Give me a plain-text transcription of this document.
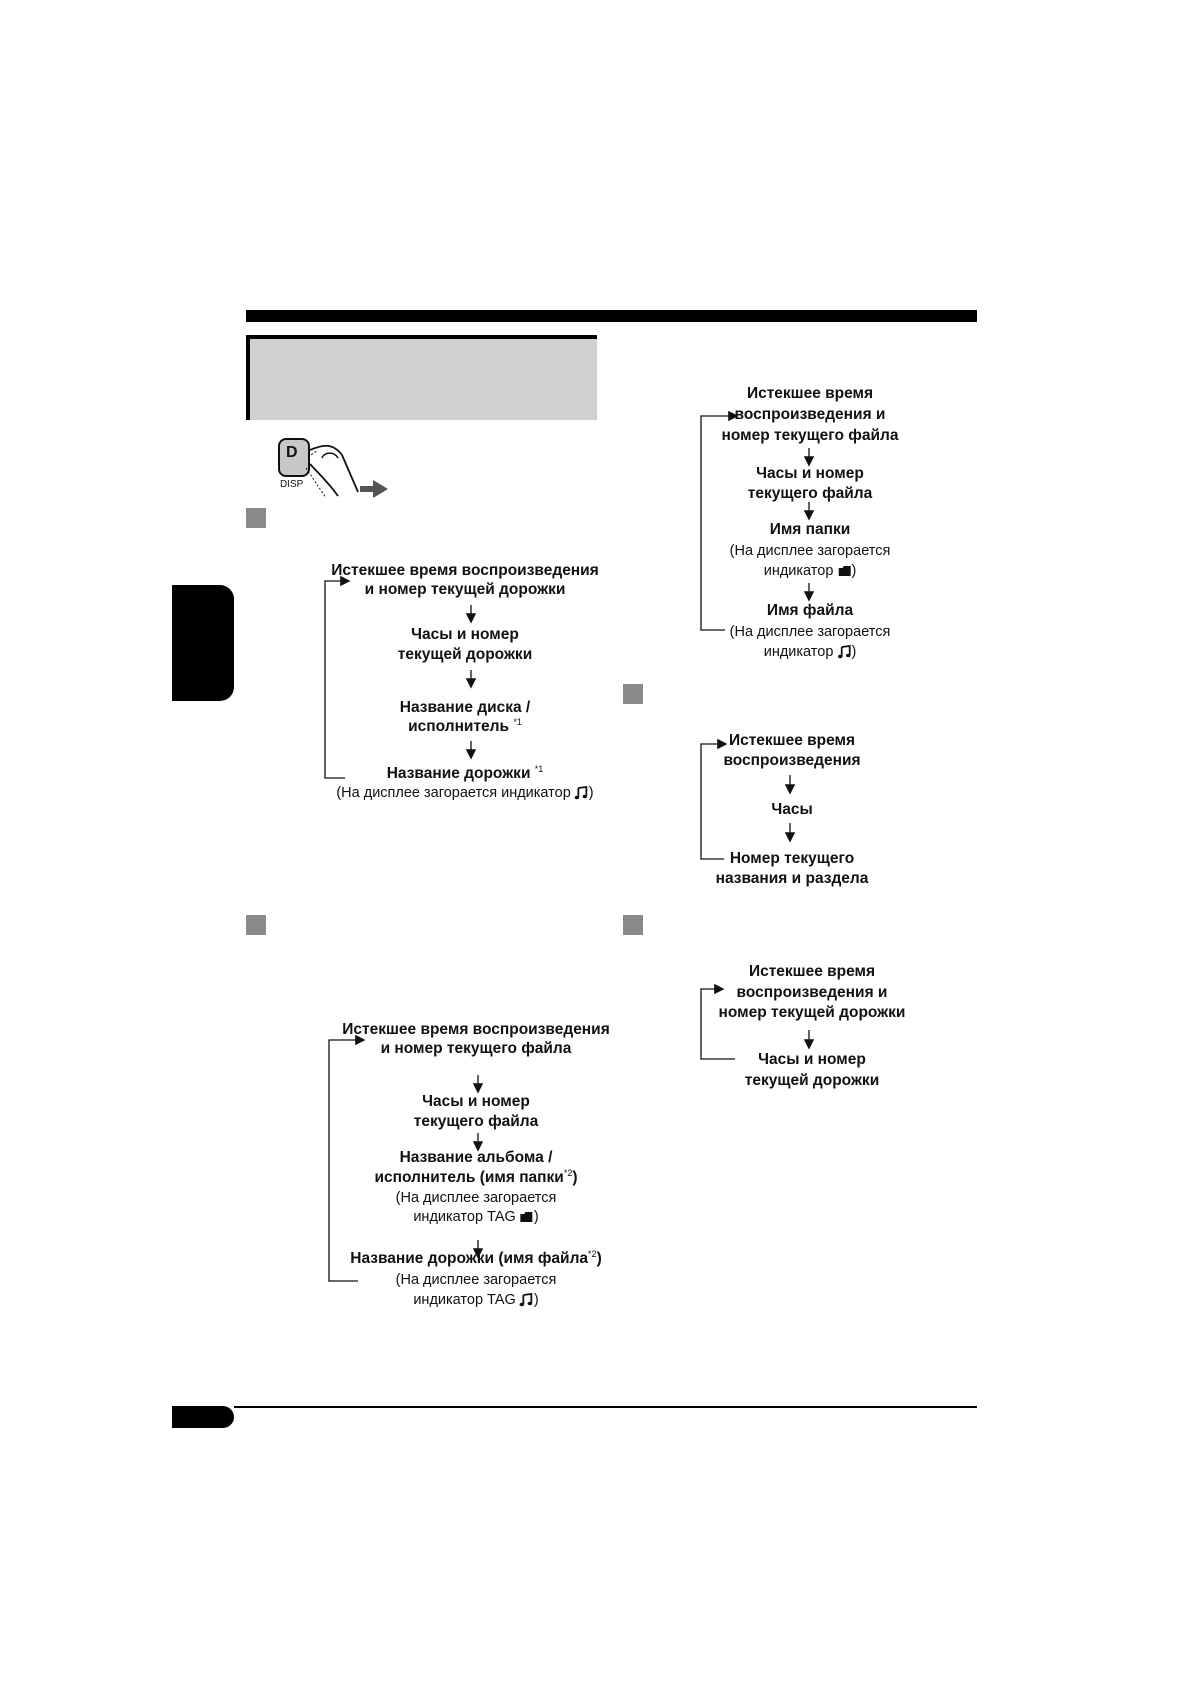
D
DISP
Истекшее время воспроизведения
и номер текущей дорожки
Часы и номер
текущей дорожки
Название диска /
исполнитель $^{*1}$
Название дорожки $^{*1}$
(На дисплее загорается индикатор )
Истекшее время воспроизведения
и номер текущего файла
Часы и номер
текущего файла
Название альбома /
исполнитель (имя папки$^{*2}$)
(На дисплее загорается
индикатор TAG )
Название дорожки (имя файла$^{*2}$)
(На дисплее загорается
индикатор TAG )
Истекшее время
воспроизведения и
номер текущего файла
Часы и номер
текущего файла
Имя папки
(На дисплее загорается
индикатор )
Имя файла
(На дисплее загорается
индикатор )
Истекшее время
воспроизведения
Часы
Номер текущего
названия и раздела
Истекшее время
воспроизведения и
номер текущей дорожки
Часы и номер
текущей дорожки
